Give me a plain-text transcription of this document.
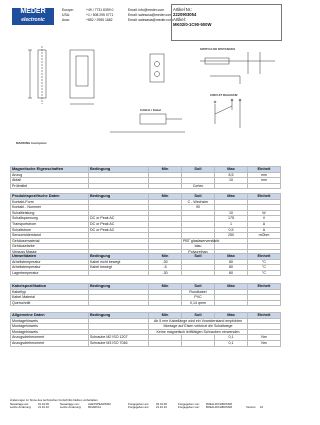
MEDER
electronic
Europe:	+49 / 7731 8399 0	Email: info@meder.com
USA:	+1 / 508 295 0771	Email: salesusa@meder.com
Asia:	+852 / 2955 1682	Email: salesasia@meder.com
Artikel Nr.:
2220903054
Artikel:
MK02/0-1C90-500W
MARKING Inscription
SWITCH NO DISTANCES
CABLE / Kabel
CIRCUIT DIAGRAM
Magnetische Eigenschaften	Bedingung	Min	Soll	Max	Einheit
Anzug				8,5	mm
Abfall				10	mm
Prüfmittel			Cortec		
Produktspezifische Daten	Bedingung	Min	Soll	Max	Einheit
Kontakt-Form			C - Wechsler		
Kontakt - Nummer			90		
Schaltleistung				10	W
Schaltspannung	DC or Peak AC			175	V
Transportstrom	DC or Peak AC			1	A
Schaltstrom	DC or Peak AC			0,5	A
Sensorwiderstand				250	mOhm
Gehäusematerial			PBT glasfaserverstärkt		
Gehäusefarbe			blau		
Verguss Masse			Polyurethan		
Umweltdaten	Bedingung	Min	Soll	Max	Einheit
Arbeitstemperatur	Kabel nicht bewegt	-30		80	°C
Arbeitstemperatur	Kabel bewegt	-5		80	°C
Lagertemperatur		-30		80	°C
Kabelspezifikation	Bedingung	Min	Soll	Max	Einheit
Kabeltyp			Rundkabel		
Kabel Material			PVC		
Querschnitt			0,14 qmm		
Allgemeine Daten	Bedingung	Min	Soll	Max	Einheit
Montagehinweis		Ab 5 mm Kabellänge wird ein Vorwiderstand empfohlen			
Montagehinweis		Montage auf Eisen verkürzt die Schaltwege			
Montagehinweis		Keine magnetisch leitfähigen Schrauben verwenden			
Anzugsdrehmoment	Schraube M2 ISO 1207			0,1	Nm
Anzugsdrehmoment	Schraube M3 ISO 7046			0,1	Nm
Änderungen im Sinne des technischen Fortschritts bleiben vorbehalten
Neuanlage am:	01.01.06	Neuanlage von:	ALEXSPEARSSM	Freigegeben am: 03.01.06	Freigegeben von: BOELLRICHBOSSM
Letzte Änderung: 21.10.10	Letzte Änderung: MGARCIA	Freigegeben am: 21.10.10	Freigegeben von: BOELLRICHBOSSM	Version: 10
